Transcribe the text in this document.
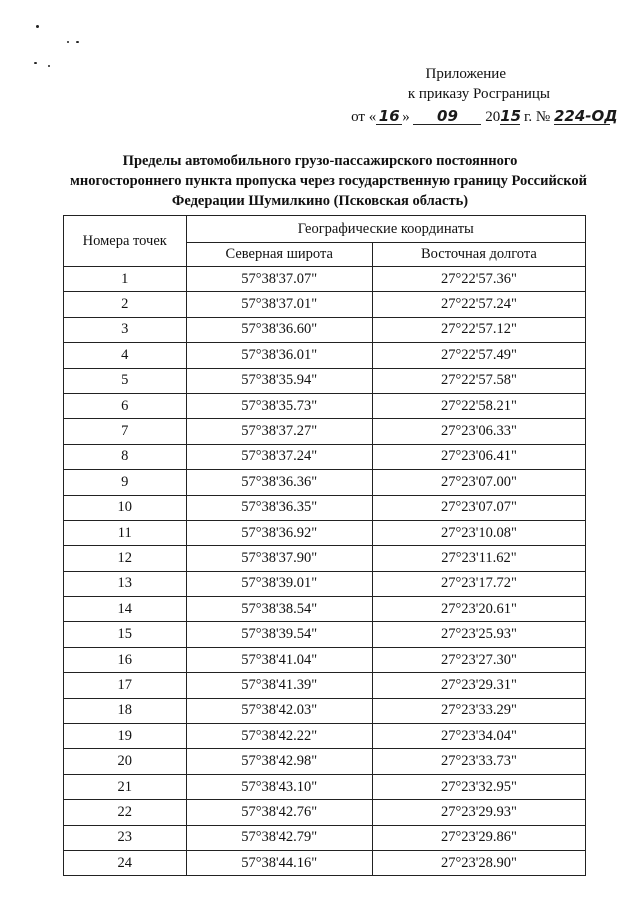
Приложение
к приказу Росграницы
от « 16 » 09 2015 г. № 224-ОД
Пределы автомобильного грузо-пассажирского постоянного
многостороннего пункта пропуска через государственную границу Российской
Федерации Шумилкино (Псковская область)
Номера точек	Географические координаты	
	Северная широта	Восточная долгота
1	57°38'37.07"	27°22'57.36"
2	57°38'37.01"	27°22'57.24"
3	57°38'36.60"	27°22'57.12"
4	57°38'36.01"	27°22'57.49"
5	57°38'35.94"	27°22'57.58"
6	57°38'35.73"	27°22'58.21"
7	57°38'37.27"	27°23'06.33"
8	57°38'37.24"	27°23'06.41"
9	57°38'36.36"	27°23'07.00"
10	57°38'36.35"	27°23'07.07"
11	57°38'36.92"	27°23'10.08"
12	57°38'37.90"	27°23'11.62"
13	57°38'39.01"	27°23'17.72"
14	57°38'38.54"	27°23'20.61"
15	57°38'39.54"	27°23'25.93"
16	57°38'41.04"	27°23'27.30"
17	57°38'41.39"	27°23'29.31"
18	57°38'42.03"	27°23'33.29"
19	57°38'42.22"	27°23'34.04"
20	57°38'42.98"	27°23'33.73"
21	57°38'43.10"	27°23'32.95"
22	57°38'42.76"	27°23'29.93"
23	57°38'42.79"	27°23'29.86"
24	57°38'44.16"	27°23'28.90"
